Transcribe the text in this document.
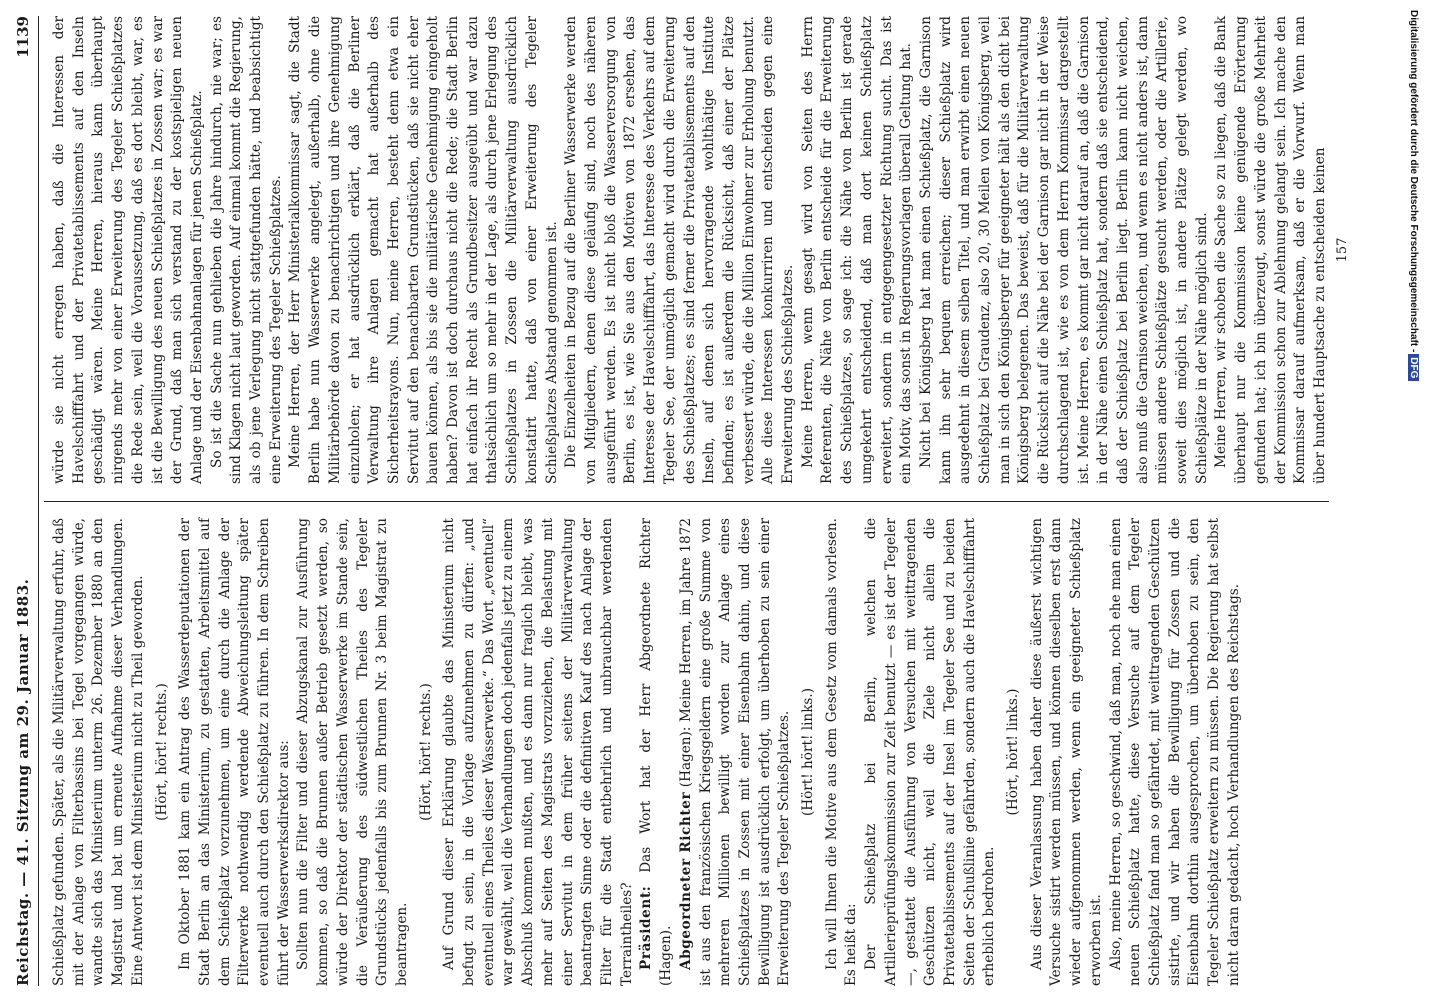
Reichstag. — 41. Sitzung am 29. Januar 1883.
1139

Schießplatz gefunden. Später, als die Militärverwaltung erfuhr, daß mit der Anlage von Filterbassins bei Tegel vorgegangen würde, wandte sich das Ministerium unterm 26. Dezember 1880 an den Magistrat und bat um erneute Aufnahme dieser Verhandlungen. Eine Antwort ist dem Ministerium nicht zu Theil geworden. (Hört, hört! rechts.) Im Oktober 1881 kam ein Antrag des Wasserdeputationen der Stadt Berlin an das Ministerium, zu gestatten, Arbeitsmittel auf dem Schießplatz vorzunehmen, um eine durch die Anlage der Filterwerke nothwendig werdende Abweichungsleitung später eventuell auch durch den Schießplatz zu führen. In dem Schreiben führt der Wasserwerksdirektor aus: Sollten nun die Filter und dieser Abzugskanal zur Ausführung kommen, so daß die Brunnen außer Betrieb gesetzt werden, so würde der Direktor der städtischen Wasserwerke im Stande sein, die Veräußerung des südwestlichen Theiles des Tegeler Grundstücks jedenfalls bis zum Brunnen Nr. 3 beim Magistrat zu beantragen.

(Hört, hört! rechts.) Auf Grund dieser Erklärung glaubte das Ministerium nicht befugt zu sein, in die Vorlage aufzunehmen zu dürfen: „und eventuell eines Theiles dieser Wasserwerke.“ Das Wort „eventuell“ war gewählt, weil die Verhandlungen doch jedenfalls jetzt zu einem Abschluß kommen mußten, und es dann nur fraglich bleibt, was mehr auf Seiten des Magistrats vorzuziehen, die Belastung mit einer Servitut in dem früher seitens der Militärverwaltung beantragten Sinne oder die definitiven Kauf des nach Anlage der Filter für die Stadt entbehrlich und unbrauchbar werdenden Terraintheiles? Präsident: Das Wort hat der Herr Abgeordnete Richter (Hagen). Abgeordneter Richter (Hagen): Meine Herren, im Jahre 1872 ist aus den französischen Kriegsgeldern eine große Summe von mehreren Millionen bewilligt worden zur Anlage eines Schießplatzes in Zossen mit einer Eisenbahn dahin, und diese Bewilligung ist ausdrücklich erfolgt, um überhoben zu sein einer Erweiterung des Tegeler Schießplatzes. (Hört! hört! links.) Ich will Ihnen die Motive aus dem Gesetz vom damals vorlesen. Es heißt da: Der Schießplatz bei Berlin, welchen die Artillerieprüfungskommission zur Zeit benutzt — es ist der Tegeler —, gestattet die Ausführung von Versuchen mit weittragenden Geschützen nicht, weil die Ziele nicht allein die Privatetablissements auf der Insel im Tegeler See und zu beiden Seiten der Schußlinie gefährden, sondern auch die Havelschifffahrt erheblich bedrohen.

(Hört, hört! links.) Aus dieser Veranlassung haben daher diese äußerst wichtigen Versuche sistirt werden müssen, und können dieselben erst dann wieder aufgenommen werden, wenn ein geeigneter Schießplatz erworben ist. Also, meine Herren, so geschwind, daß man, noch ehe man einen neuen Schießplatz hatte, diese Versuche auf dem Tegeler Schießplatz fand man so gefährdet, mit weittragenden Geschützen sistirte, und wir haben die Bewilligung für Zossen und die Eisenbahn dorthin ausgesprochen, um überhoben zu sein, den Tegeler Schießplatz erweitern zu müssen. Die Regierung hat selbst nicht daran gedacht, hoch Verhandlungen des Reichstags.

würde sie nicht erregen haben, daß die Interessen der Havelschifffahrt und der Privatetablissements auf den Inseln geschädigt wären. Meine Herren, hieraus kann überhaupt nirgends mehr von einer Erweiterung des Tegeler Schießplatzes die Rede sein, weil die Voraussetzung, daß es dort bleibt, war, es ist die Bewilligung des neuen Schießplatzes in Zossen war; es war der Grund, daß man sich verstand zu der kostspieligen neuen Anlage und der Eisenbahnanlagen für jenen Schießplatz. So ist die Sache nun gehlieben die Jahre hindurch, nie war; es sind Klagen nicht laut geworden. Auf einmal kommt die Regierung, als ob jene Verlegung nicht stattgefunden hätte, und beabsichtigt eine Erweiterung des Tegeler Schießplatzes. Meine Herren, der Herr Ministerialkommissar sagt, die Stadt Berlin habe nun Wasserwerke angelegt, außerhalb, ohne die Militärbehörde davon zu benachrichtigen und ihre Genehmigung einzuholen; er hat ausdrücklich erklärt, daß die Berliner Verwaltung ihre Anlagen gemacht hat außerhalb des Sicherheitsrayons. Nun, meine Herren, besteht denn etwa ein Servitut auf den benachbarten Grundstücken, daß sie nicht eher bauen können, als bis sie die militärische Genehmigung eingeholt haben? Davon ist doch durchaus nicht die Rede; die Stadt Berlin hat einfach ihr Recht als Grundbesitzer ausgeübt und war dazu thatsächlich um so mehr in der Lage, als durch jene Erlegung des Schießplatzes in Zossen die Militärverwaltung ausdrücklich konstatirt hatte, daß von einer Erweiterung des Tegeler Schießplatzes Abstand genommen ist. Die Einzelheiten in Bezug auf die Berliner Wasserwerke werden von Mitgliedern, denen diese geläufig sind, noch des näheren ausgeführt werden. Es ist nicht bloß die Wasserversorgung von Berlin, es ist, wie Sie aus den Motiven von 1872 ersehen, das Interesse der Havelschifffahrt, das Interesse des Verkehrs auf dem Tegeler See, der unmöglich gemacht wird durch die Erweiterung des Schießplatzes; es sind ferner die Privatetablissements auf den Inseln, auf denen sich hervorragende wohlthätige Institute befinden; es ist außerdem die Rücksicht, daß einer der Plätze verbessert würde, die die Million Einwohner zur Erholung benutzt. Alle diese Interessen konkurriren und entscheiden gegen eine Erweiterung des Schießplatzes. Meine Herren, wenn gesagt wird von Seiten des Herrn Referenten, die Nähe von Berlin entscheide für die Erweiterung des Schießplatzes, so sage ich: die Nähe von Berlin ist gerade umgekehrt entscheidend, daß man dort keinen Schießplatz erweitert, sondern in entgegengesetzter Richtung sucht. Das ist ein Motiv, das sonst in Regierungsvorlagen überall Geltung hat. Nicht bei Königsberg hat man einen Schießplatz, die Garnison kann ihn sehr bequem erreichen; dieser Schießplatz wird ausgedehnt in diesem selben Titel, und man erwirbt einen neuen Schießplatz bei Graudenz, also 20, 30 Meilen von Königsberg, weil man in sich den Königsberger für geeigneter hält als den dicht bei Königsberg belegenen. Das beweist, daß für die Militärverwaltung die Rücksicht auf die Nähe bei der Garnison gar nicht in der Weise durchschlagend ist, wie es von dem Herrn Kommissar dargestellt ist. Meine Herren, es kommt gar nicht darauf an, daß die Garnison in der Nähe einen Schießplatz hat, sondern daß sie entscheidend, daß der Schießplatz bei Berlin liegt. Berlin kann nicht weichen, also muß die Garnison weichen, und wenn es nicht anders ist, dann müssen andere Schießplätze gesucht werden, oder die Artillerie, soweit dies möglich ist, in andere Plätze gelegt werden, wo Schießplätze in der Nähe möglich sind. Meine Herren, wir schoben die Sache so zu liegen, daß die Bank überhaupt nur die Kommission keine genügende Erörterung gefunden hat; ich bin überzeugt, sonst würde die große Mehrheit der Kommission schon zur Ablehnung gelangt sein. Ich mache den Kommissar darauf aufmerksam, daß er die Vorwurf. Wenn man über hundert Hauptsache zu entscheiden keinen 157	Digitalisierung gefördert durch die Deutsche Forschungsgemeinschaft -DFG
